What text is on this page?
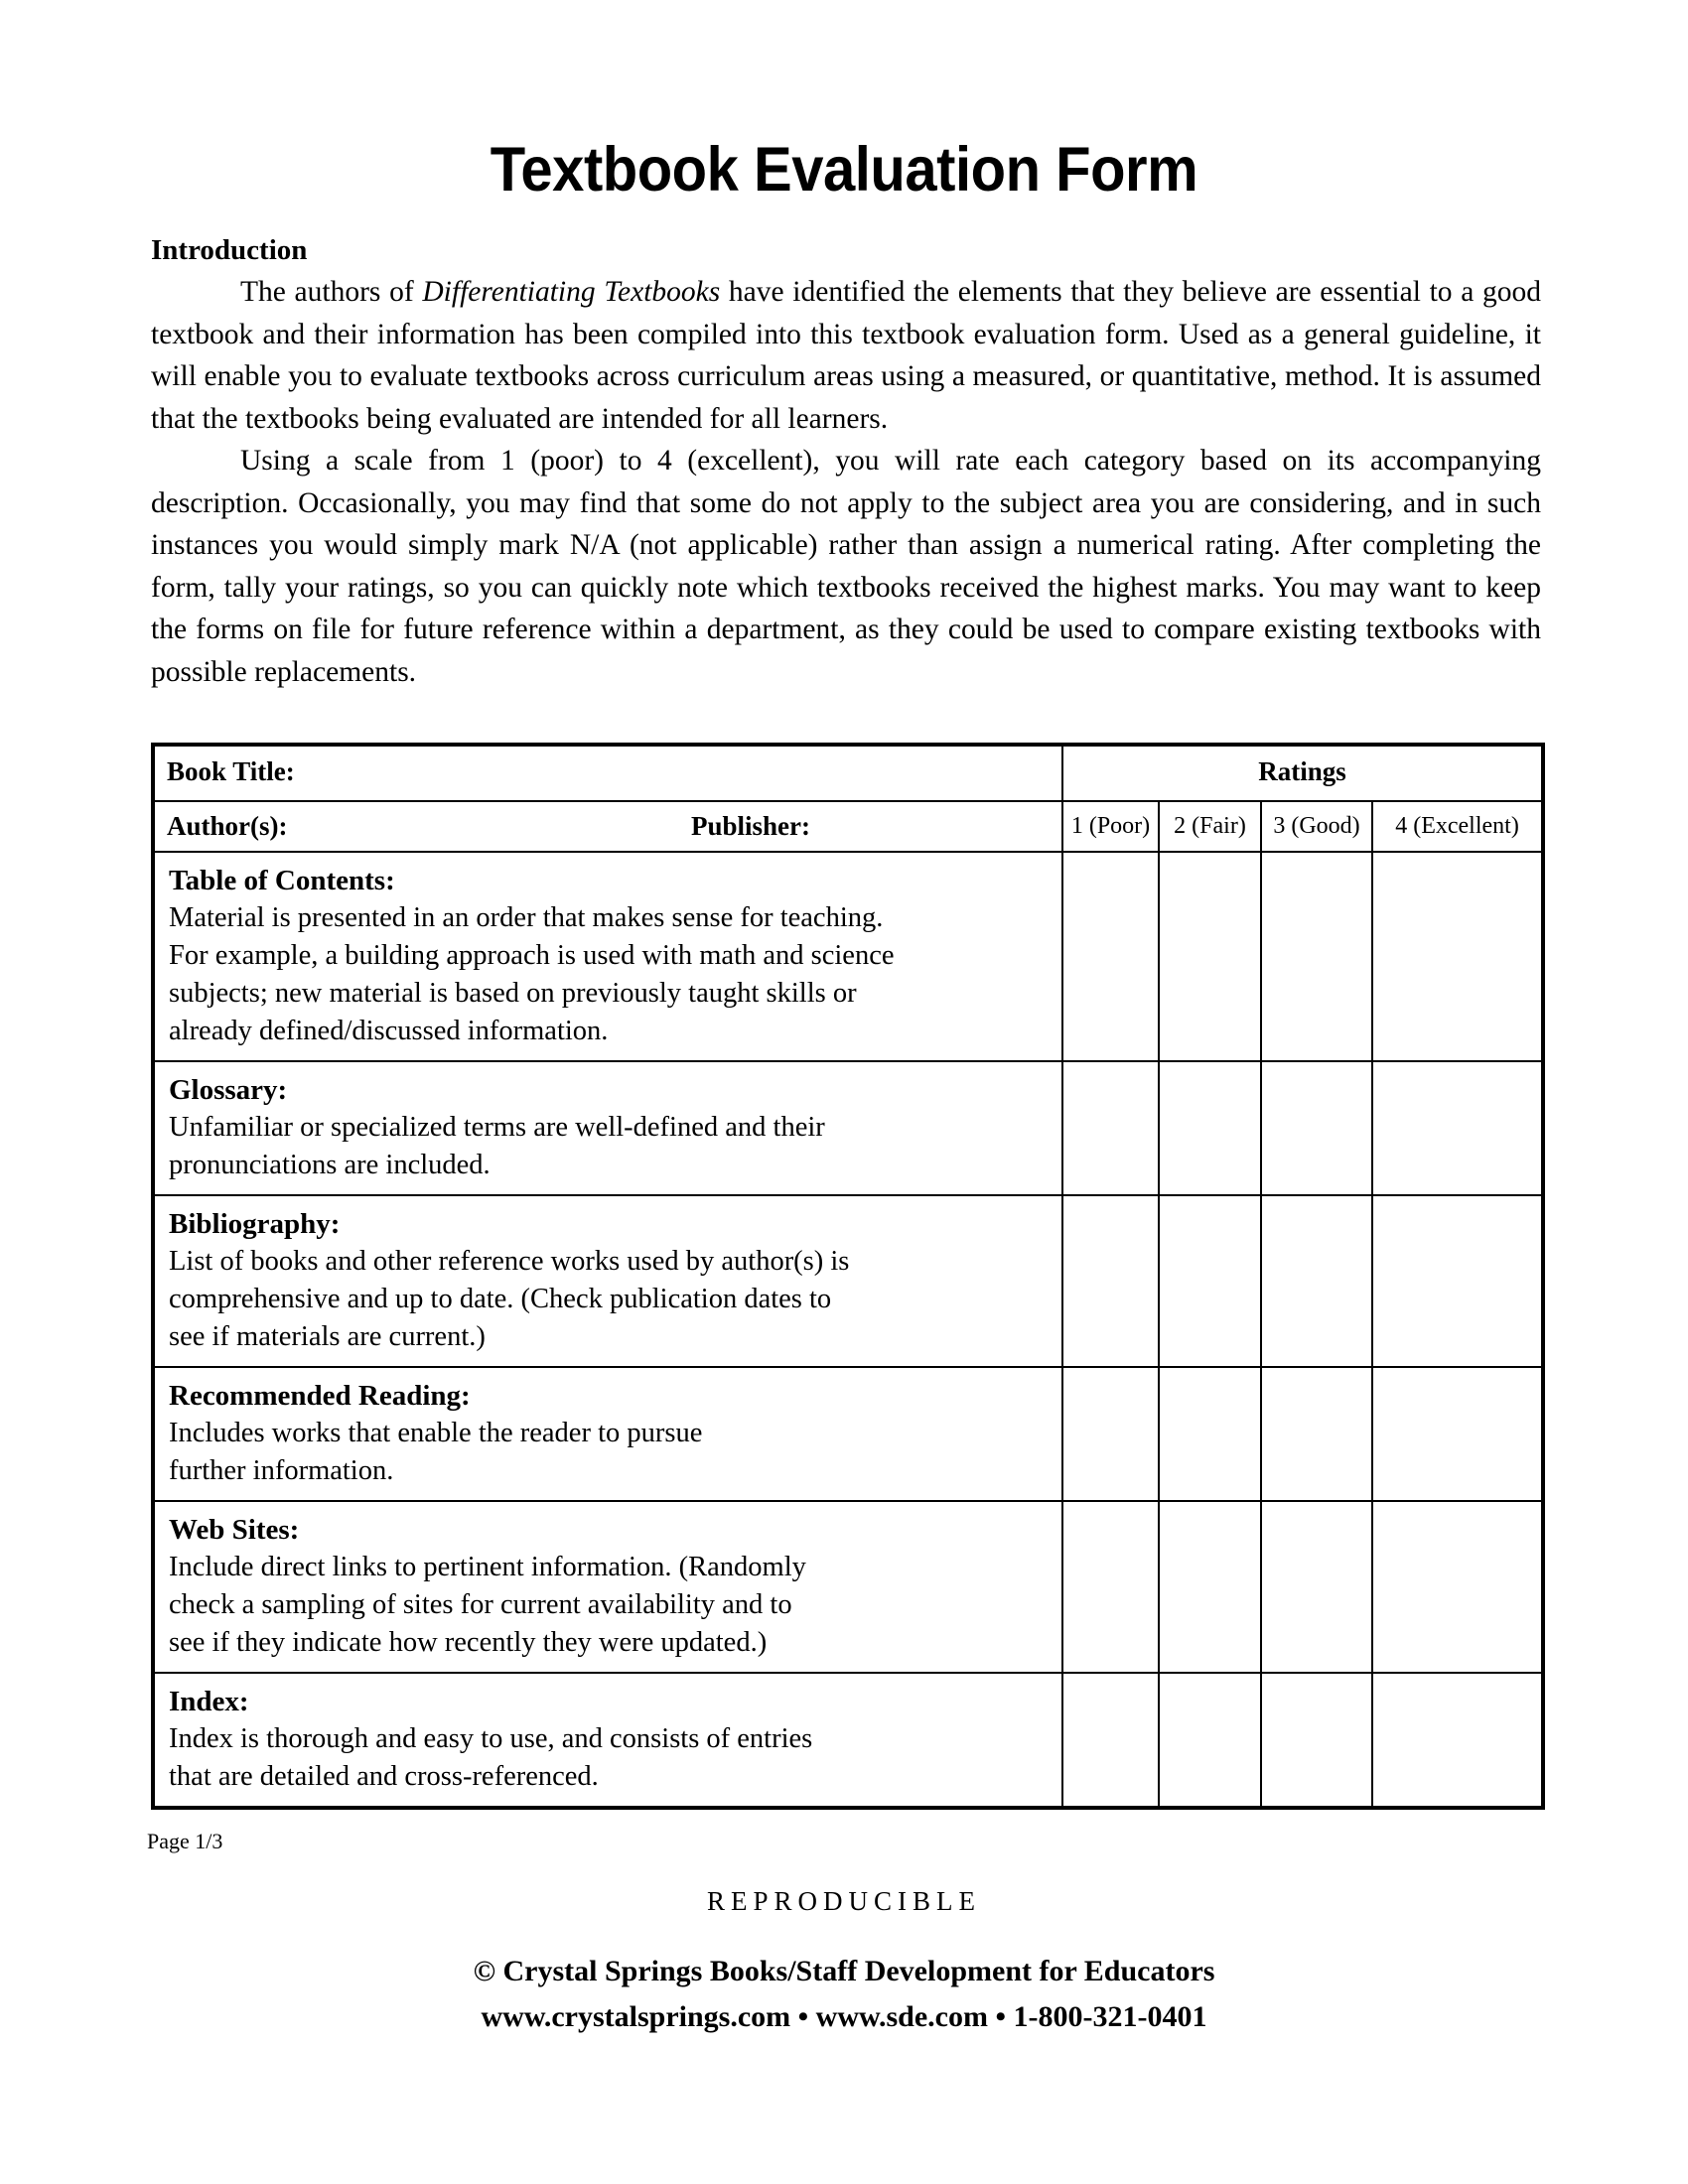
Textbook Evaluation Form
Introduction

The authors of Differentiating Textbooks have identified the elements that they believe are essential to a good textbook and their information has been compiled into this textbook evaluation form. Used as a general guideline, it will enable you to evaluate textbooks across curriculum areas using a measured, or quantitative, method. It is assumed that the textbooks being evaluated are intended for all learners.

Using a scale from 1 (poor) to 4 (excellent), you will rate each category based on its accompanying description. Occasionally, you may find that some do not apply to the subject area you are considering, and in such instances you would simply mark N/A (not applicable) rather than assign a numerical rating. After completing the form, tally your ratings, so you can quickly note which textbooks received the highest marks. You may want to keep the forms on file for future reference within a department, as they could be used to compare existing textbooks with possible replacements.

Book Title:	Ratings			
Author(s): Publisher:	1 (Poor)	2 (Fair)	3 (Good)	4 (Excellent)

Table of Contents:
Material is presented in an order that makes sense for teaching.
For example, a building approach is used with math and science
subjects; new material is based on previously taught skills or
already defined/discussed information.				

Glossary:
Unfamiliar or specialized terms are well-defined and their
pronunciations are included.				

Bibliography:
List of books and other reference works used by author(s) is
comprehensive and up to date. (Check publication dates to
see if materials are current.)				

Recommended Reading:
Includes works that enable the reader to pursue
further information.				

Web Sites:
Include direct links to pertinent information. (Randomly
check a sampling of sites for current availability and to
see if they indicate how recently they were updated.)				

Index:
Index is thorough and easy to use, and consists of entries
that are detailed and cross-referenced.				

Page 1/3
REPRODUCIBLE
© Crystal Springs Books/Staff Development for Educators
www.crystalsprings.com • www.sde.com • 1-800-321-0401
